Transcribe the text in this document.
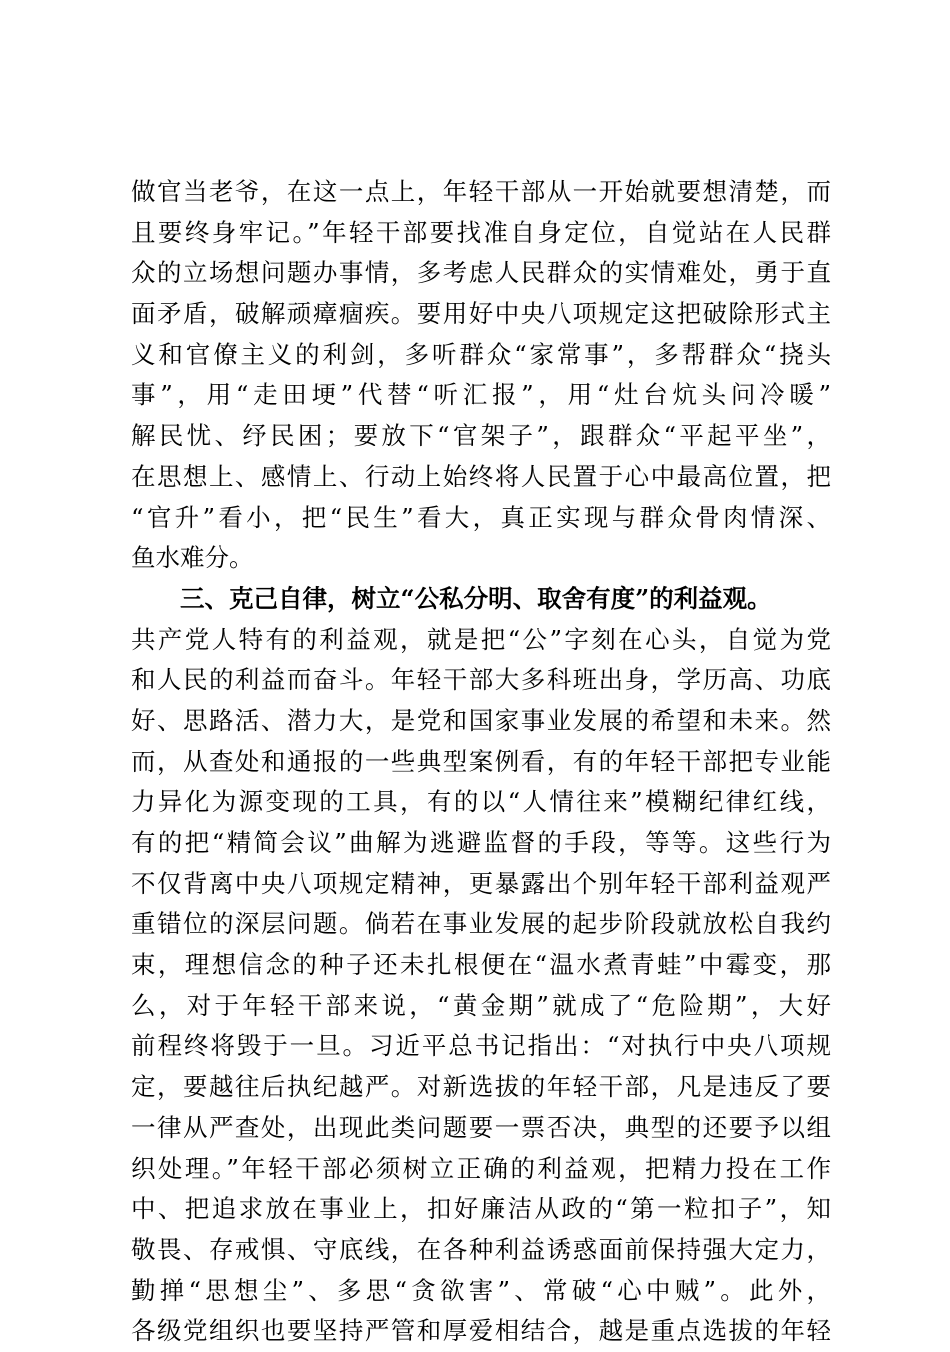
做官当老爷，在这一点上，年轻干部从一开始就要想清楚，而
且要终身牢记。”年轻干部要找准自身定位，自觉站在人民群
众的立场想问题办事情，多考虑人民群众的实情难处，勇于直
面矛盾，破解顽瘴痼疾。要用好中央八项规定这把破除形式主
义和官僚主义的利剑，多听群众“家常事”，多帮群众“挠头
事”，用“走田埂”代替“听汇报”，用“灶台炕头问冷暖”
解民忧、纾民困；要放下“官架子”，跟群众“平起平坐”，
在思想上、感情上、行动上始终将人民置于心中最高位置，把
“官升”看小，把“民生”看大，真正实现与群众骨肉情深、
鱼水难分。
三、克己自律，树立“公私分明、取舍有度”的利益观。
共产党人特有的利益观，就是把“公”字刻在心头，自觉为党
和人民的利益而奋斗。年轻干部大多科班出身，学历高、功底
好、思路活、潜力大，是党和国家事业发展的希望和未来。然
而，从查处和通报的一些典型案例看，有的年轻干部把专业能
力异化为源变现的工具，有的以“人情往来”模糊纪律红线，
有的把“精简会议”曲解为逃避监督的手段，等等。这些行为
不仅背离中央八项规定精神，更暴露出个别年轻干部利益观严
重错位的深层问题。倘若在事业发展的起步阶段就放松自我约
束，理想信念的种子还未扎根便在“温水煮青蛙”中霉变，那
么，对于年轻干部来说，“黄金期”就成了“危险期”，大好
前程终将毁于一旦。习近平总书记指出：“对执行中央八项规
定，要越往后执纪越严。对新选拔的年轻干部，凡是违反了要
一律从严查处，出现此类问题要一票否决，典型的还要予以组
织处理。”年轻干部必须树立正确的利益观，把精力投在工作
中、把追求放在事业上，扣好廉洁从政的“第一粒扣子”，知
敬畏、存戒惧、守底线，在各种利益诱惑面前保持强大定力，
勤掸“思想尘”、多思“贪欲害”、常破“心中贼”。此外，
各级党组织也要坚持严管和厚爱相结合，越是重点选拔的年轻
